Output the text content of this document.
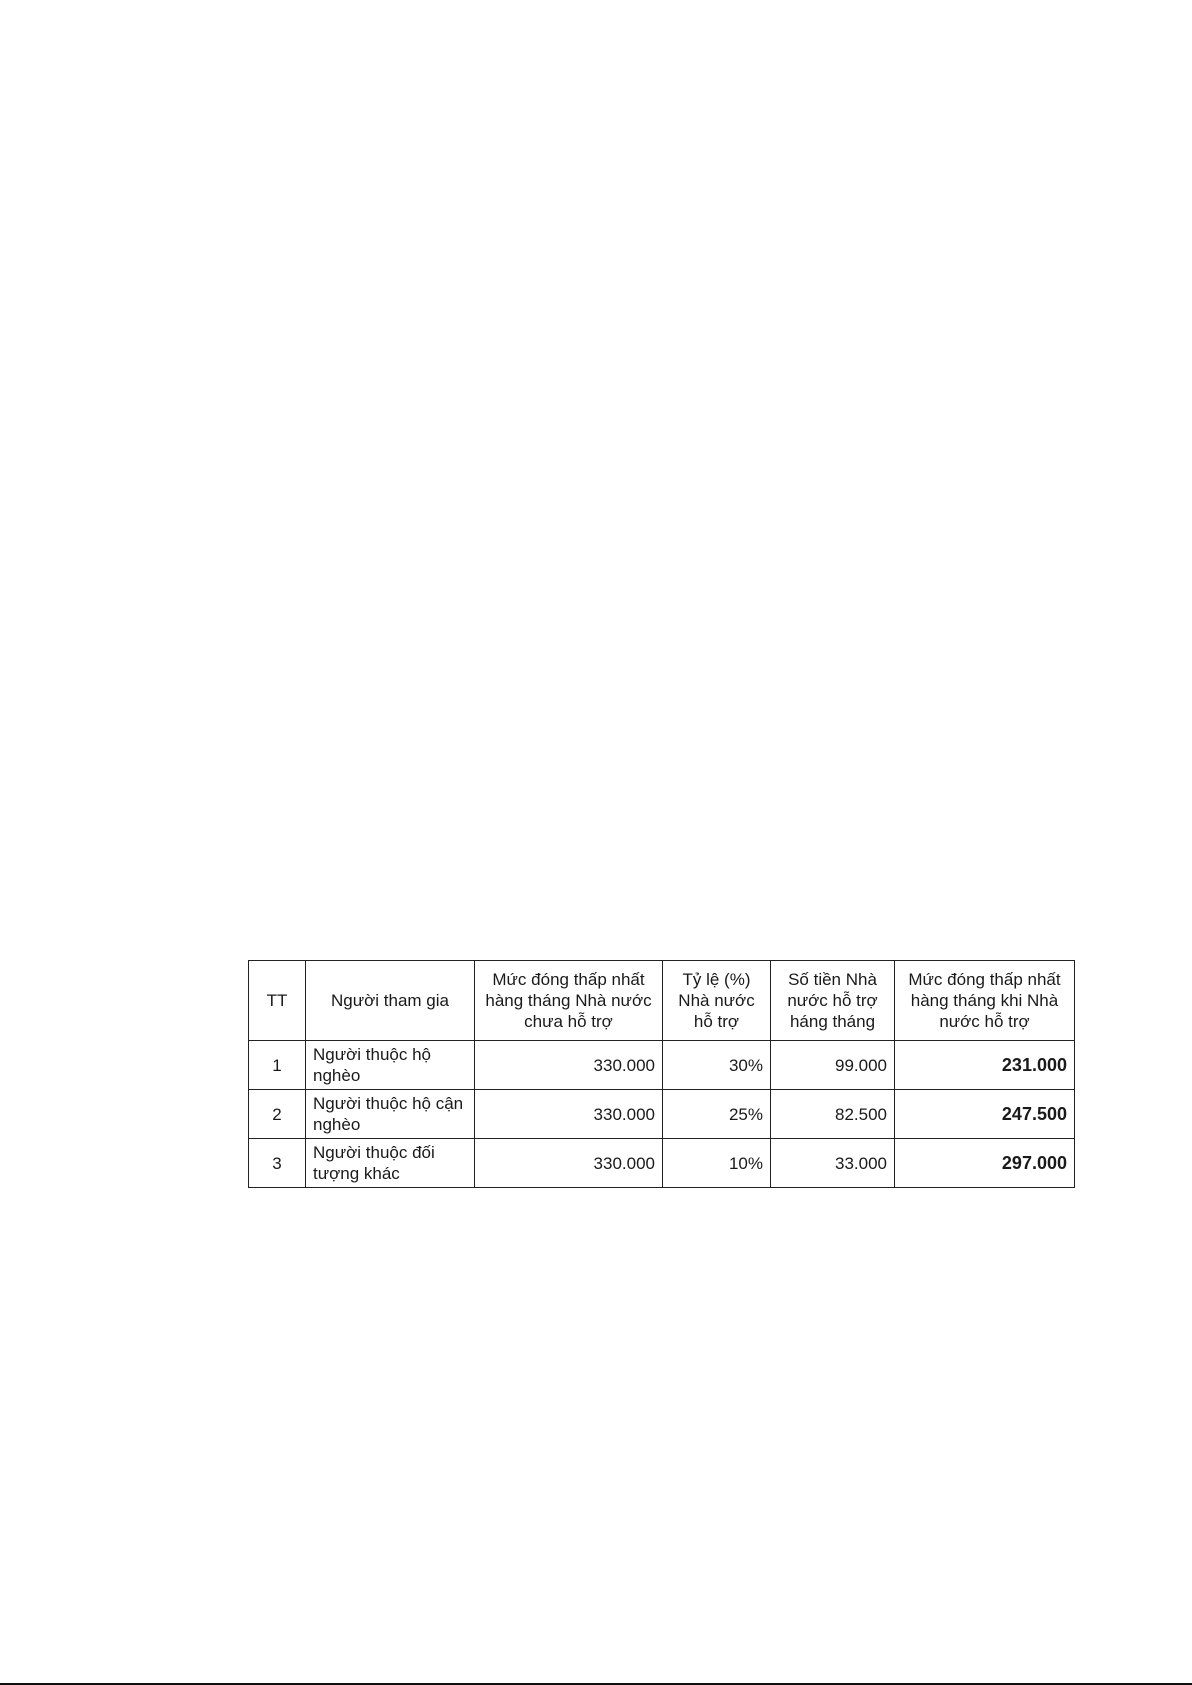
TT	Người tham gia	Mức đóng thấp nhất hàng tháng Nhà nước chưa hỗ trợ	Tỷ lệ (%) Nhà nước hỗ trợ	Số tiền Nhà nước hỗ trợ háng tháng	Mức đóng thấp nhất hàng tháng khi Nhà nước hỗ trợ
1	Người thuộc hộ nghèo	330.000	30%	99.000	231.000
2	Người thuộc hộ cận nghèo	330.000	25%	82.500	247.500
3	Người thuộc đối tượng khác	330.000	10%	33.000	297.000
